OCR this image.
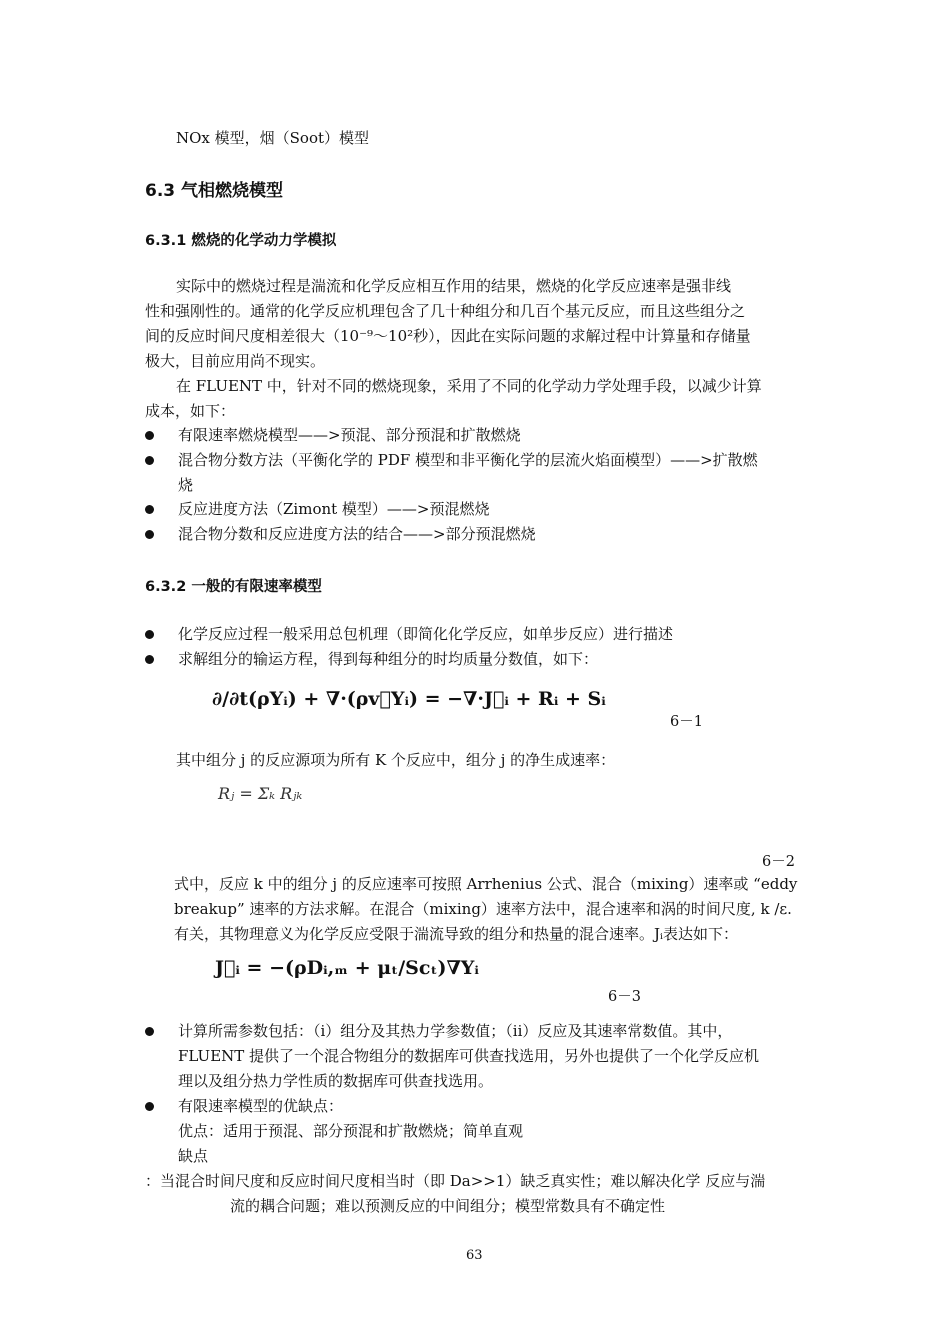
NOx 模型，烟（Soot）模型
6.3 气相燃烧模型
6.3.1 燃烧的化学动力学模拟
实际中的燃烧过程是湍流和化学反应相互作用的结果，燃烧的化学反应速率是强非线
性和强刚性的。通常的化学反应机理包含了几十种组分和几百个基元反应，而且这些组分之
间的反应时间尺度相差很大（10⁻⁹～10²秒），因此在实际问题的求解过程中计算量和存储量
极大，目前应用尚不现实。
在 FLUENT 中，针对不同的燃烧现象，采用了不同的化学动力学处理手段，以减少计算
成本，如下：
有限速率燃烧模型——>预混、部分预混和扩散燃烧
混合物分数方法（平衡化学的 PDF 模型和非平衡化学的层流火焰面模型）——>扩散燃
烧
反应进度方法（Zimont 模型）——>预混燃烧
混合物分数和反应进度方法的结合——>部分预混燃烧
6.3.2 一般的有限速率模型
化学反应过程一般采用总包机理（即简化化学反应，如单步反应）进行描述
求解组分的输运方程，得到每种组分的时均质量分数值，如下：
∂/∂t(ρYᵢ) + ∇·(ρv⃗Yᵢ) = −∇·J⃗ᵢ + Rᵢ + Sᵢ
6－1
其中组分 j 的反应源项为所有 K 个反应中，组分 j 的净生成速率：
Rⱼ = Σₖ Rⱼₖ
6－2
式中，反应 k 中的组分 j 的反应速率可按照 Arrhenius 公式、混合（mixing）速率或 “eddy
breakup” 速率的方法求解。在混合（mixing）速率方法中，混合速率和涡的时间尺度, k /ε.
有关，其物理意义为化学反应受限于湍流导致的组分和热量的混合速率。Jᵢ表达如下：
J⃗ᵢ = −(ρDᵢ,ₘ + μₜ/Scₜ)∇Yᵢ
6－3
计算所需参数包括：（i）组分及其热力学参数值；（ii）反应及其速率常数值。其中，
FLUENT 提供了一个混合物组分的数据库可供查找选用，另外也提供了一个化学反应机
理以及组分热力学性质的数据库可供查找选用。
有限速率模型的优缺点：
优点：适用于预混、部分预混和扩散燃烧；简单直观
缺点
：当混合时间尺度和反应时间尺度相当时（即 Da>>1）缺乏真实性；难以解决化学 反应与湍
流的耦合问题；难以预测反应的中间组分；模型常数具有不确定性
63
